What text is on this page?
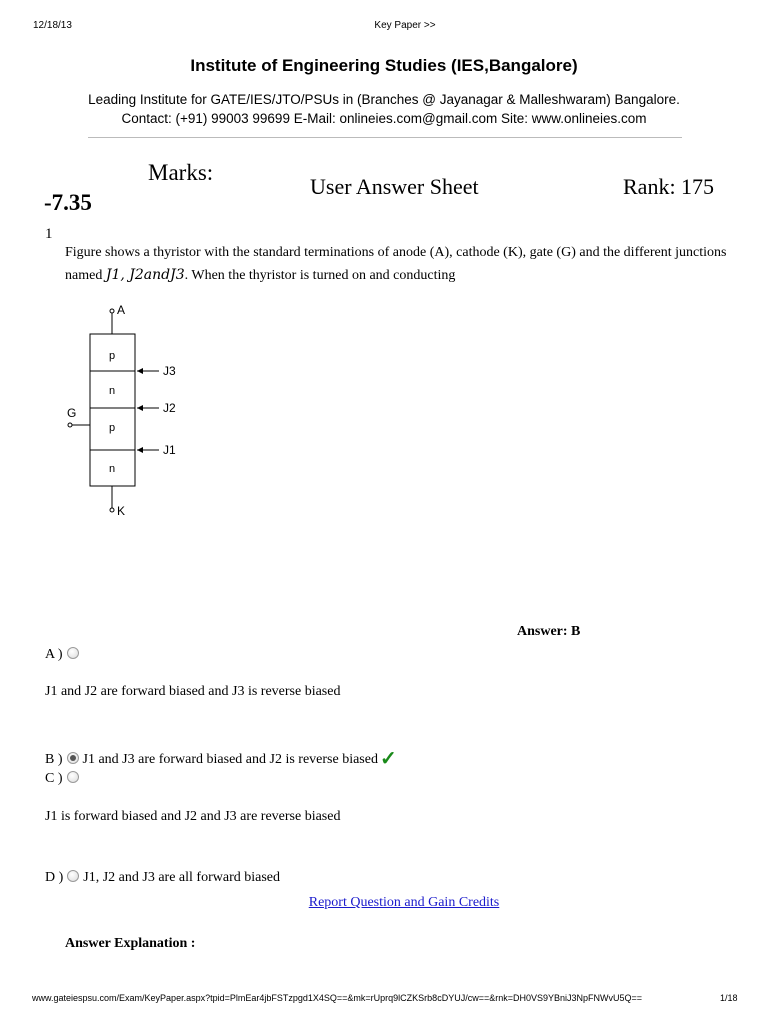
12/18/13	Key Paper >>
Institute of Engineering Studies (IES,Bangalore)
Leading Institute for GATE/IES/JTO/PSUs in (Branches @ Jayanagar & Malleshwaram) Bangalore.
Contact: (+91) 99003 99699 E-Mail: onlineies.com@gmail.com Site: www.onlineies.com
Marks:
-7.35
User Answer Sheet	Rank: 175
1
Figure shows a thyristor with the standard terminations of anode (A), cathode (K), gate (G) and the different junctions named J1, J2andJ3. When the thyristor is turned on and conducting
A
p
n
p
n
J3
J2
J1
G
K
Answer: B
A )
J1 and J2 are forward biased and J3 is reverse biased
B ) J1 and J3 are forward biased and J2 is reverse biased ✓
C )
J1 is forward biased and J2 and J3 are reverse biased
D ) J1, J2 and J3 are all forward biased
Report Question and Gain Credits
Answer Explanation :
www.gateiespsu.com/Exam/KeyPaper.aspx?tpid=PlmEar4jbFSTzpgd1X4SQ==&mk=rUprq9lCZKSrb8cDYUJ/cw==&rnk=DH0VS9YBniJ3NpFNWvU5Q==	1/18
